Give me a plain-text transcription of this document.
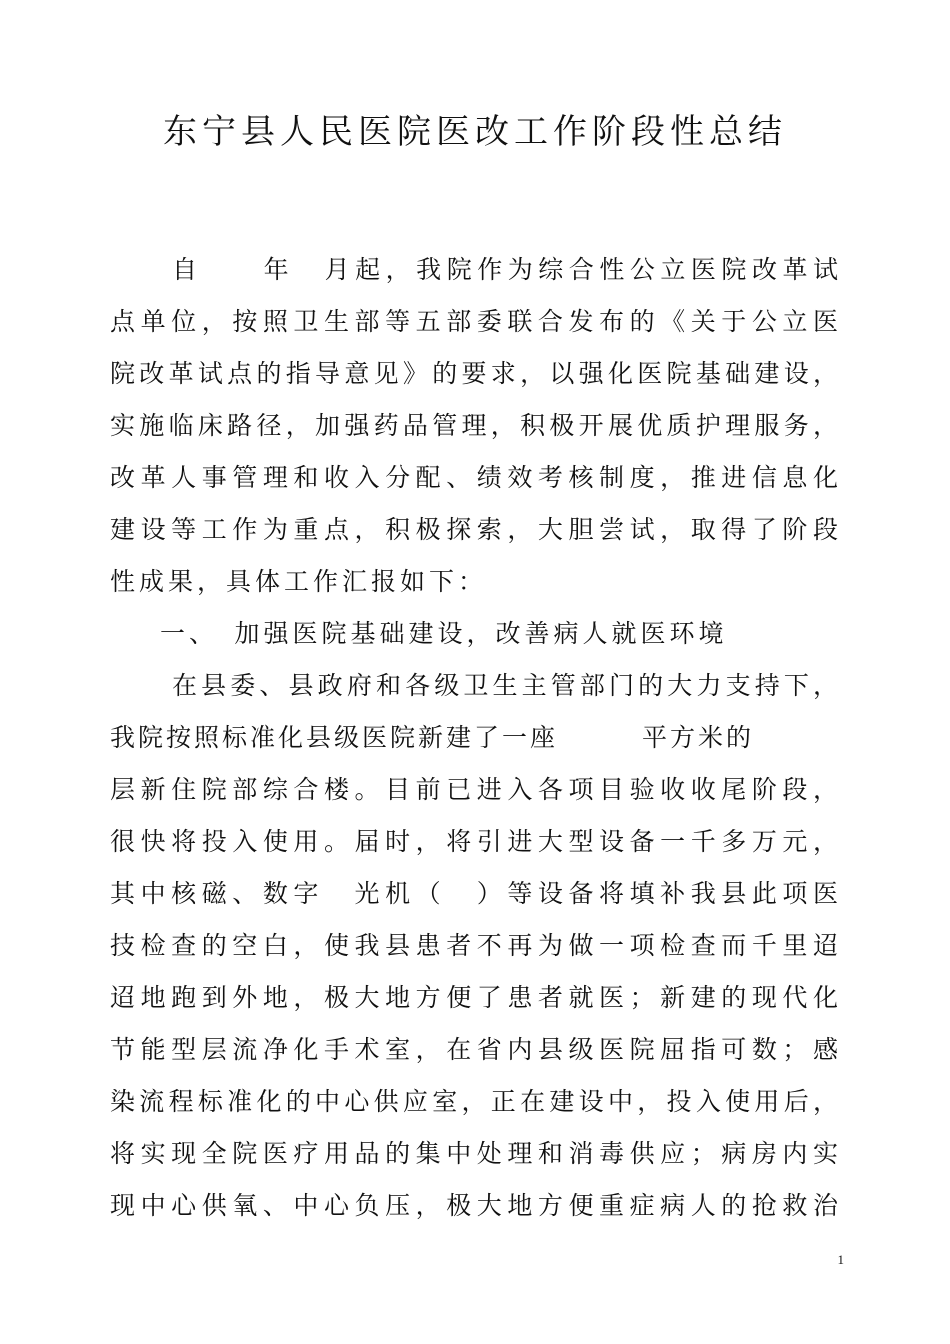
东宁县人民医院医改工作阶段性总结
自　　年　月起，我院作为综合性公立医院改革试
点单位，按照卫生部等五部委联合发布的《关于公立医
院改革试点的指导意见》的要求，以强化医院基础建设，
实施临床路径，加强药品管理，积极开展优质护理服务，
改革人事管理和收入分配、绩效考核制度，推进信息化
建设等工作为重点，积极探索，大胆尝试，取得了阶段
性成果，具体工作汇报如下：
一、　加强医院基础建设，改善病人就医环境
在县委、县政府和各级卫生主管部门的大力支持下，
我院按照标准化县级医院新建了一座　　　平方米的
层新住院部综合楼。目前已进入各项目验收收尾阶段，
很快将投入使用。届时，将引进大型设备一千多万元，
其中核磁、数字　光机（　）等设备将填补我县此项医
技检查的空白，使我县患者不再为做一项检查而千里迢
迢地跑到外地，极大地方便了患者就医；新建的现代化
节能型层流净化手术室，在省内县级医院屈指可数；感
染流程标准化的中心供应室，正在建设中，投入使用后，
将实现全院医疗用品的集中处理和消毒供应；病房内实
现中心供氧、中心负压，极大地方便重症病人的抢救治
1
